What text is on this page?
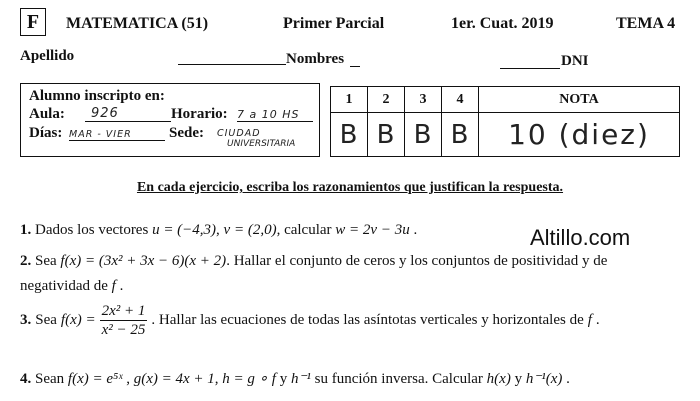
F MATEMATICA (51)	Primer Parcial	1er. Cuat. 2019	TEMA 4
Apellido	Nombres	DNI
Alumno inscripto en:
Aula:	926	Horario: 7 a 10 HS
Días: MAR - VIER	Sede: CIUDAD
UNIVERSITARIA
1	2	3	4	NOTA
B	B	B	B	10 (diez)
En cada ejercicio, escriba los razonamientos que justifican la respuesta.
Altillo.com
1. Dados los vectores u = (−4,3), v = (2,0), calcular w = 2v − 3u .
2. Sea f(x) = (3x² + 3x − 6)(x + 2). Hallar el conjunto de ceros y los conjuntos de positividad y de
negatividad de f .
3. Sea $f(x) = \frac{\text{2x² + 1}}{\text{x² − 25}}$ . Hallar las ecuaciones de todas las asíntotas verticales y horizontales de f .
4. Sean f(x) = e⁵ˣ , g(x) = 4x + 1, h = g ∘ f y h⁻¹ su función inversa. Calcular h(x) y h⁻¹(x) .
